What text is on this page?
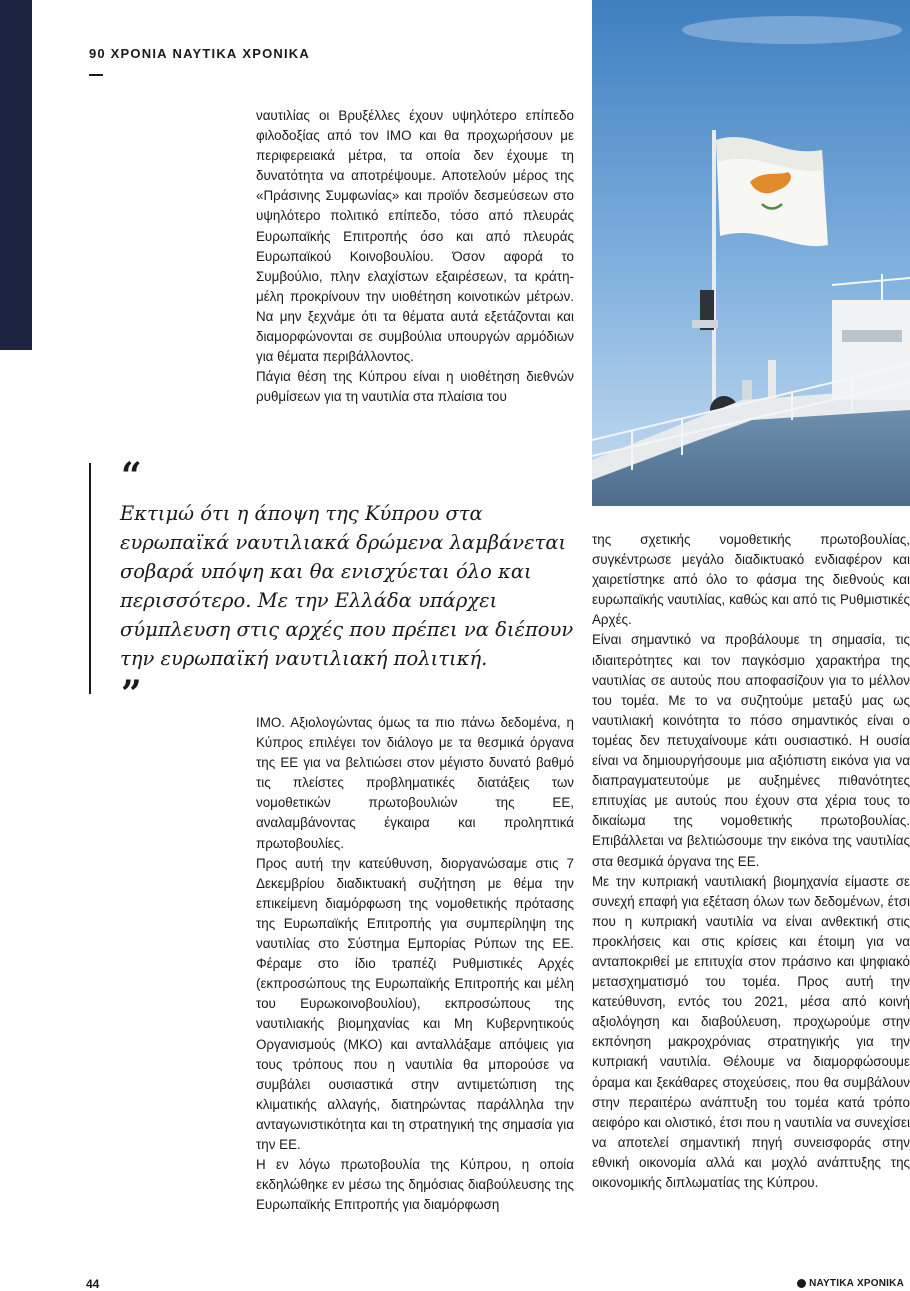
90 ΧΡΟΝΙΑ ΝΑΥΤΙΚΑ ΧΡΟΝΙΚΑ

ναυτιλίας οι Βρυξέλλες έχουν υψηλότερο επίπεδο φιλοδοξίας από τον ΙΜΟ και θα προχωρήσουν με περιφερειακά μέτρα, τα οποία δεν έχουμε τη δυνατότητα να αποτρέψουμε. Αποτελούν μέρος της «Πράσινης Συμφωνίας» και προϊόν δεσμεύσεων στο υψηλότερο πολιτικό επίπεδο, τόσο από πλευράς Ευρωπαϊκής Επιτροπής όσο και από πλευράς Ευρωπαϊκού Κοινοβουλίου. Όσον αφορά το Συμβούλιο, πλην ελαχίστων εξαιρέσεων, τα κράτη-μέλη προκρίνουν την υιοθέτηση κοινοτικών μέτρων. Να μην ξεχνάμε ότι τα θέματα αυτά εξετάζονται και διαμορφώνονται σε συμβούλια υπουργών αρμόδιων για θέματα περιβάλλοντος.

Πάγια θέση της Κύπρου είναι η υιοθέτηση διεθνών ρυθμίσεων για τη ναυτιλία στα πλαίσια του

“
Εκτιμώ ότι η άποψη της Κύπρου στα ευρωπαϊκά ναυτιλιακά δρώμενα λαμβάνεται σοβαρά υπόψη και θα ενισχύεται όλο και περισσότερο. Με την Ελλάδα υπάρχει σύμπλευση στις αρχές που πρέπει να διέπουν την ευρωπαϊκή ναυτιλιακή πολιτική.
”

ΙΜΟ. Αξιολογώντας όμως τα πιο πάνω δεδομένα, η Κύπρος επιλέγει τον διάλογο με τα θεσμικά όργανα της ΕΕ για να βελτιώσει στον μέγιστο δυνατό βαθμό τις πλείστες προβληματικές διατάξεις των νομοθετικών πρωτοβουλιών της ΕΕ, αναλαμβάνοντας έγκαιρα και προληπτικά πρωτοβουλίες.

Προς αυτή την κατεύθυνση, διοργανώσαμε στις 7 Δεκεμβρίου διαδικτυακή συζήτηση με θέμα την επικείμενη διαμόρφωση της νομοθετικής πρότασης της Ευρωπαϊκής Επιτροπής για συμπερίληψη της ναυτιλίας στο Σύστημα Εμπορίας Ρύπων της ΕΕ. Φέραμε στο ίδιο τραπέζι Ρυθμιστικές Αρχές (εκπροσώπους της Ευρωπαϊκής Επιτροπής και μέλη του Ευρωκοινοβουλίου), εκπροσώπους της ναυτιλιακής βιομηχανίας και Μη Κυβερνητικούς Οργανισμούς (ΜΚΟ) και ανταλλάξαμε απόψεις για τους τρόπους που η ναυτιλία θα μπορούσε να συμβάλει ουσιαστικά στην αντιμετώπιση της κλιματικής αλλαγής, διατηρώντας παράλληλα την ανταγωνιστικότητα και τη στρατηγική της σημασία για την ΕΕ.

Η εν λόγω πρωτοβουλία της Κύπρου, η οποία εκδηλώθηκε εν μέσω της δημόσιας διαβούλευσης της Ευρωπαϊκής Επιτροπής για διαμόρφωση

της σχετικής νομοθετικής πρωτοβουλίας, συγκέντρωσε μεγάλο διαδικτυακό ενδιαφέρον και χαιρετίστηκε από όλο το φάσμα της διεθνούς και ευρωπαϊκής ναυτιλίας, καθώς και από τις Ρυθμιστικές Αρχές.

Είναι σημαντικό να προβάλουμε τη σημασία, τις ιδιαιτερότητες και τον παγκόσμιο χαρακτήρα της ναυτιλίας σε αυτούς που αποφασίζουν για το μέλλον του τομέα. Με το να συζητούμε μεταξύ μας ως ναυτιλιακή κοινότητα το πόσο σημαντικός είναι ο τομέας δεν πετυχαίνουμε κάτι ουσιαστικό. Η ουσία είναι να δημιουργήσουμε μια αξιόπιστη εικόνα για να διαπραγματευτούμε με αυξημένες πιθανότητες επιτυχίας με αυτούς που έχουν στα χέρια τους το δικαίωμα της νομοθετικής πρωτοβουλίας. Επιβάλλεται να βελτιώσουμε την εικόνα της ναυτιλίας στα θεσμικά όργανα της ΕΕ.

Με την κυπριακή ναυτιλιακή βιομηχανία είμαστε σε συνεχή επαφή για εξέταση όλων των δεδομένων, έτσι που η κυπριακή ναυτιλία να είναι ανθεκτική στις προκλήσεις και στις κρίσεις και έτοιμη για να ανταποκριθεί με επιτυχία στον πράσινο και ψηφιακό μετασχηματισμό του τομέα. Προς αυτή την κατεύθυνση, εντός του 2021, μέσα από κοινή αξιολόγηση και διαβούλευση, προχωρούμε στην εκπόνηση μακροχρόνιας στρατηγικής για την κυπριακή ναυτιλία. Θέλουμε να διαμορφώσουμε όραμα και ξεκάθαρες στοχεύσεις, που θα συμβάλουν στην περαιτέρω ανάπτυξη του τομέα κατά τρόπο αειφόρο και ολιστικό, έτσι που η ναυτιλία να συνεχίσει να αποτελεί σημαντική πηγή συνεισφοράς στην εθνική οικονομία αλλά και μοχλό ανάπτυξης της οικονομικής διπλωματίας της Κύπρου.

44	ΝΑΥΤΙΚΑ ΧΡΟΝΙΚΑ
